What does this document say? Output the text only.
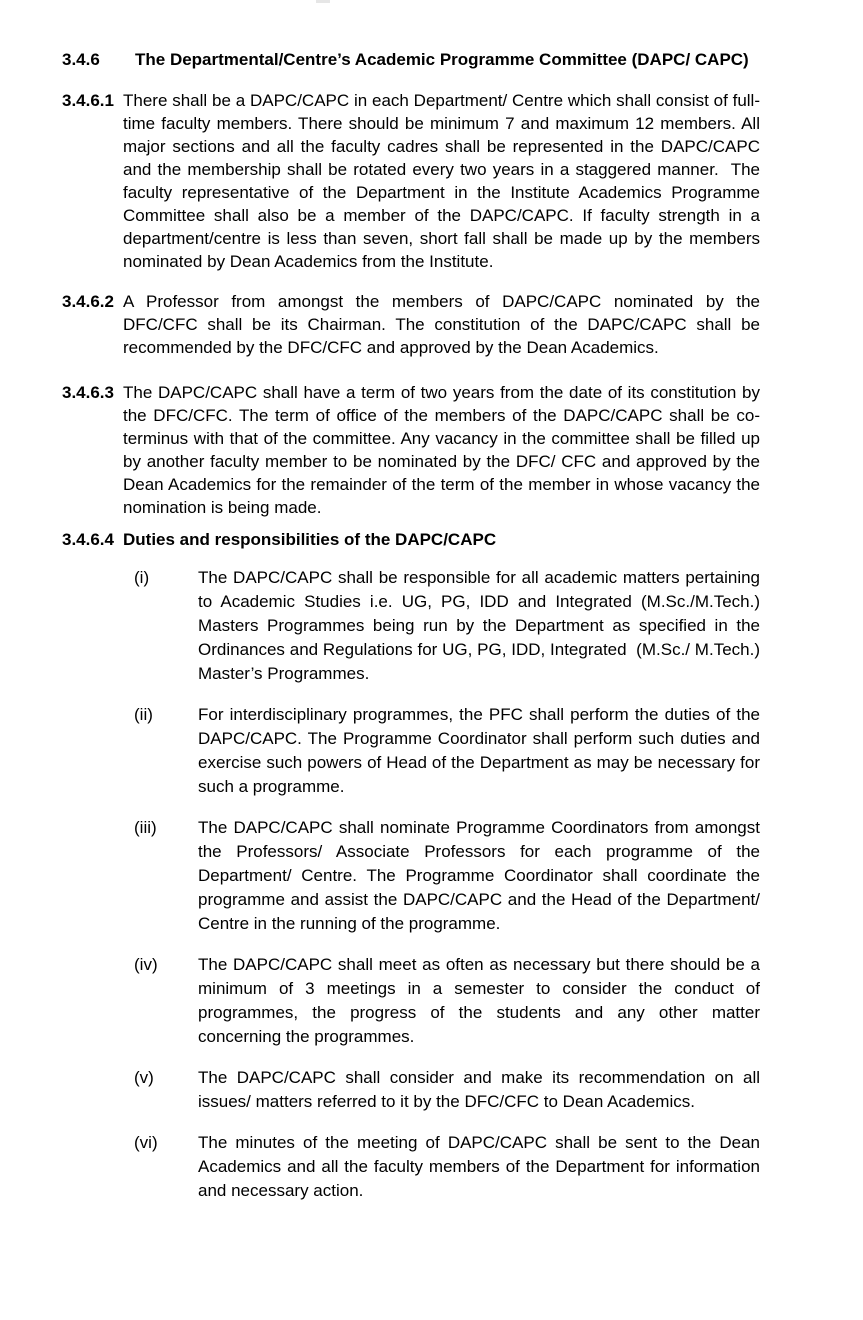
3.4.6	The Departmental/Centre’s Academic Programme Committee (DAPC/ CAPC)
3.4.6.1 There shall be a DAPC/CAPC in each Department/ Centre which shall consist of full-time faculty members. There should be minimum 7 and maximum 12 members. All major sections and all the faculty cadres shall be represented in the DAPC/CAPC and the membership shall be rotated every two years in a staggered manner.  The faculty representative of the Department in the Institute Academics Programme Committee shall also be a member of the DAPC/CAPC. If faculty strength in a department/centre is less than seven, short fall shall be made up by the members nominated by Dean Academics from the Institute.

3.4.6.2 A Professor from amongst the members of DAPC/CAPC nominated by the DFC/CFC shall be its Chairman. The constitution of the DAPC/CAPC shall be recommended by the DFC/CFC and approved by the Dean Academics.

3.4.6.3 The DAPC/CAPC shall have a term of two years from the date of its constitution by the DFC/CFC. The term of office of the members of the DAPC/CAPC shall be co-terminus with that of the committee. Any vacancy in the committee shall be filled up by another faculty member to be nominated by the DFC/ CFC and approved by the Dean Academics for the remainder of the term of the member in whose vacancy the nomination is being made.

3.4.6.4 Duties and responsibilities of the DAPC/CAPC
(i)	The DAPC/CAPC shall be responsible for all academic matters pertaining to Academic Studies i.e. UG, PG, IDD and Integrated (M.Sc./M.Tech.) Masters Programmes being run by the Department as specified in the Ordinances and Regulations for UG, PG, IDD, Integrated  (M.Sc./ M.Tech.) Master’s Programmes.

(ii)	For interdisciplinary programmes, the PFC shall perform the duties of the DAPC/CAPC. The Programme Coordinator shall perform such duties and exercise such powers of Head of the Department as may be necessary for such a programme.

(iii)	The DAPC/CAPC shall nominate Programme Coordinators from amongst the Professors/ Associate Professors for each programme of the Department/ Centre. The Programme Coordinator shall coordinate the programme and assist the DAPC/CAPC and the Head of the Department/ Centre in the running of the programme.

(iv)	The DAPC/CAPC shall meet as often as necessary but there should be a minimum of 3 meetings in a semester to consider the conduct of programmes, the progress of the students and any other matter concerning the programmes.

(v)	The DAPC/CAPC shall consider and make its recommendation on all issues/ matters referred to it by the DFC/CFC to Dean Academics.

(vi)	The minutes of the meeting of DAPC/CAPC shall be sent to the Dean Academics and all the faculty members of the Department for information and necessary action.
